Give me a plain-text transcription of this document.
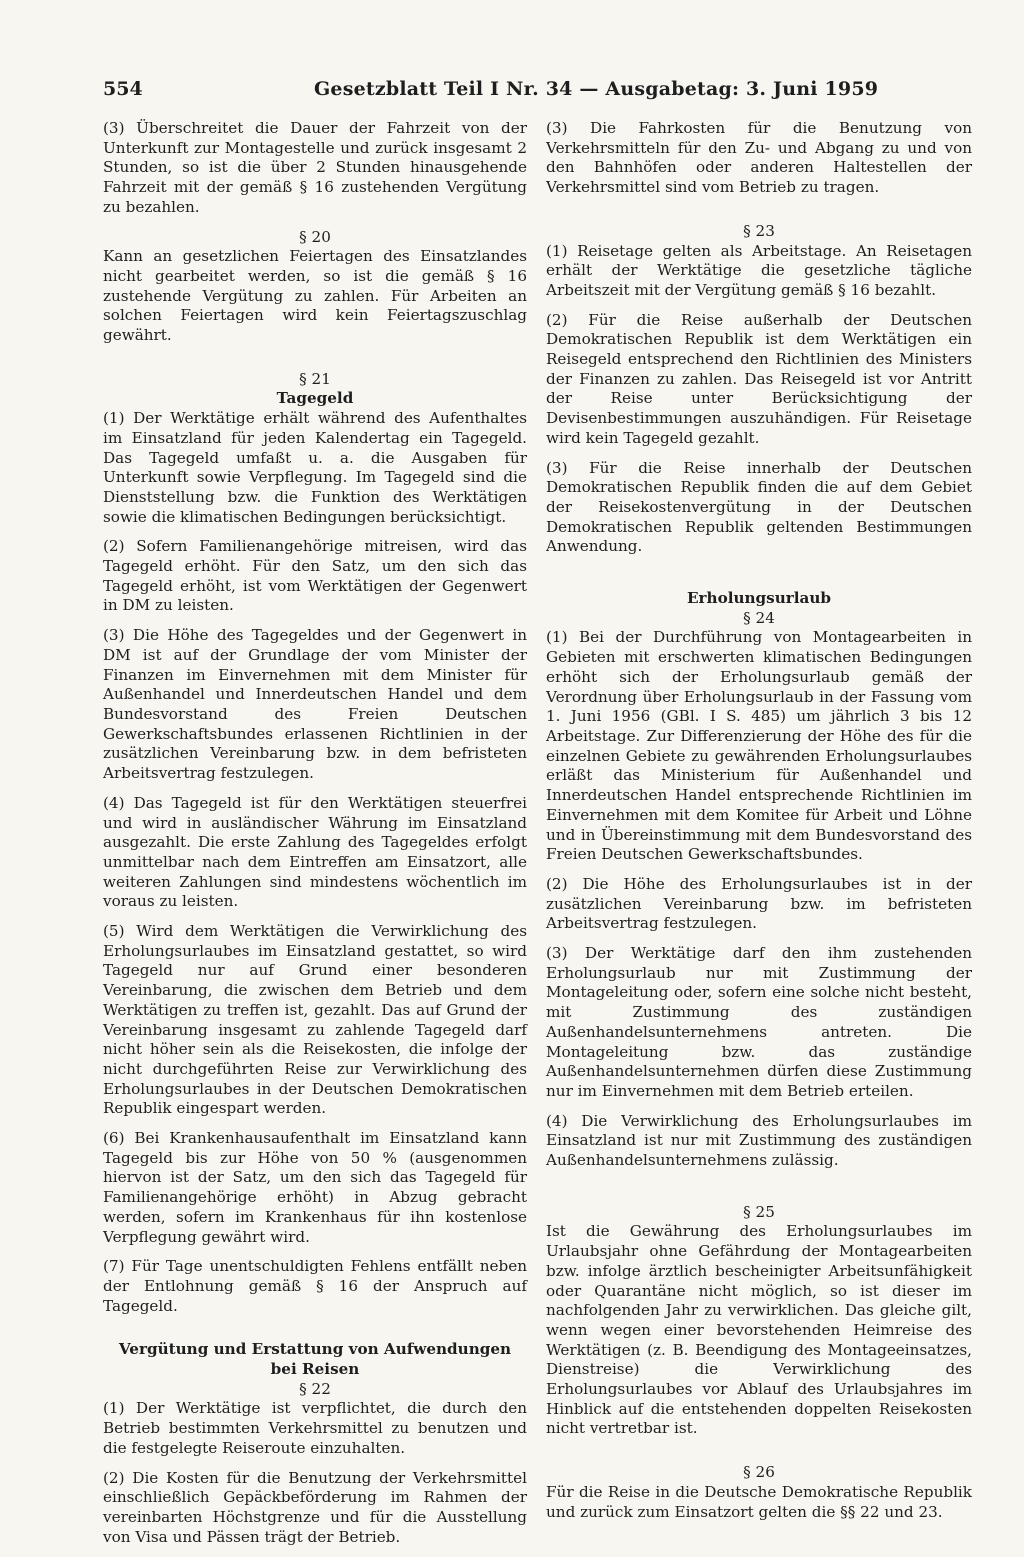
554	Gesetzblatt Teil I Nr. 34 — Ausgabetag: 3. Juni 1959

(3) Überschreitet die Dauer der Fahrzeit von der Unterkunft zur Montagestelle und zurück insgesamt 2 Stunden, so ist die über 2 Stunden hinausgehende Fahrzeit mit der gemäß § 16 zustehenden Vergütung zu bezahlen.

§ 20

Kann an gesetzlichen Feiertagen des Einsatzlandes nicht gearbeitet werden, so ist die gemäß § 16 zustehende Vergütung zu zahlen. Für Arbeiten an solchen Feiertagen wird kein Feiertagszuschlag gewährt.

§ 21

Tagegeld

(1) Der Werktätige erhält während des Aufenthaltes im Einsatzland für jeden Kalendertag ein Tagegeld. Das Tagegeld umfaßt u. a. die Ausgaben für Unterkunft sowie Verpflegung. Im Tagegeld sind die Dienststellung bzw. die Funktion des Werktätigen sowie die klimatischen Bedingungen berücksichtigt.

(2) Sofern Familienangehörige mitreisen, wird das Tagegeld erhöht. Für den Satz, um den sich das Tagegeld erhöht, ist vom Werktätigen der Gegenwert in DM zu leisten.

(3) Die Höhe des Tagegeldes und der Gegenwert in DM ist auf der Grundlage der vom Minister der Finanzen im Einvernehmen mit dem Minister für Außenhandel und Innerdeutschen Handel und dem Bundesvorstand des Freien Deutschen Gewerkschaftsbundes erlassenen Richtlinien in der zusätzlichen Vereinbarung bzw. in dem befristeten Arbeitsvertrag festzulegen.

(4) Das Tagegeld ist für den Werktätigen steuerfrei und wird in ausländischer Währung im Einsatzland ausgezahlt. Die erste Zahlung des Tagegeldes erfolgt unmittelbar nach dem Eintreffen am Einsatzort, alle weiteren Zahlungen sind mindestens wöchentlich im voraus zu leisten.

(5) Wird dem Werktätigen die Verwirklichung des Erholungsurlaubes im Einsatzland gestattet, so wird Tagegeld nur auf Grund einer besonderen Vereinbarung, die zwischen dem Betrieb und dem Werktätigen zu treffen ist, gezahlt. Das auf Grund der Vereinbarung insgesamt zu zahlende Tagegeld darf nicht höher sein als die Reisekosten, die infolge der nicht durchgeführten Reise zur Verwirklichung des Erholungsurlaubes in der Deutschen Demokratischen Republik eingespart werden.

(6) Bei Krankenhausaufenthalt im Einsatzland kann Tagegeld bis zur Höhe von 50 % (ausgenommen hiervon ist der Satz, um den sich das Tagegeld für Familienangehörige erhöht) in Abzug gebracht werden, sofern im Krankenhaus für ihn kostenlose Verpflegung gewährt wird.

(7) Für Tage unentschuldigten Fehlens entfällt neben der Entlohnung gemäß § 16 der Anspruch auf Tagegeld.

Vergütung und Erstattung von Aufwendungen

bei Reisen

§ 22

(1) Der Werktätige ist verpflichtet, die durch den Betrieb bestimmten Verkehrsmittel zu benutzen und die festgelegte Reiseroute einzuhalten.

(2) Die Kosten für die Benutzung der Verkehrsmittel einschließlich Gepäckbeförderung im Rahmen der vereinbarten Höchstgrenze und für die Ausstellung von Visa und Pässen trägt der Betrieb.

(3) Die Fahrkosten für die Benutzung von Verkehrsmitteln für den Zu- und Abgang zu und von den Bahnhöfen oder anderen Haltestellen der Verkehrsmittel sind vom Betrieb zu tragen.

§ 23

(1) Reisetage gelten als Arbeitstage. An Reisetagen erhält der Werktätige die gesetzliche tägliche Arbeitszeit mit der Vergütung gemäß § 16 bezahlt.

(2) Für die Reise außerhalb der Deutschen Demokratischen Republik ist dem Werktätigen ein Reisegeld entsprechend den Richtlinien des Ministers der Finanzen zu zahlen. Das Reisegeld ist vor Antritt der Reise unter Berücksichtigung der Devisenbestimmungen auszuhändigen. Für Reisetage wird kein Tagegeld gezahlt.

(3) Für die Reise innerhalb der Deutschen Demokratischen Republik finden die auf dem Gebiet der Reisekostenvergütung in der Deutschen Demokratischen Republik geltenden Bestimmungen Anwendung.

Erholungsurlaub

§ 24

(1) Bei der Durchführung von Montagearbeiten in Gebieten mit erschwerten klimatischen Bedingungen erhöht sich der Erholungsurlaub gemäß der Verordnung über Erholungsurlaub in der Fassung vom 1. Juni 1956 (GBl. I S. 485) um jährlich 3 bis 12 Arbeitstage. Zur Differenzierung der Höhe des für die einzelnen Gebiete zu gewährenden Erholungsurlaubes erläßt das Ministerium für Außenhandel und Innerdeutschen Handel entsprechende Richtlinien im Einvernehmen mit dem Komitee für Arbeit und Löhne und in Übereinstimmung mit dem Bundesvorstand des Freien Deutschen Gewerkschaftsbundes.

(2) Die Höhe des Erholungsurlaubes ist in der zusätzlichen Vereinbarung bzw. im befristeten Arbeitsvertrag festzulegen.

(3) Der Werktätige darf den ihm zustehenden Erholungsurlaub nur mit Zustimmung der Montageleitung oder, sofern eine solche nicht besteht, mit Zustimmung des zuständigen Außenhandelsunternehmens antreten. Die Montageleitung bzw. das zuständige Außenhandelsunternehmen dürfen diese Zustimmung nur im Einvernehmen mit dem Betrieb erteilen.

(4) Die Verwirklichung des Erholungsurlaubes im Einsatzland ist nur mit Zustimmung des zuständigen Außenhandelsunternehmens zulässig.

§ 25

Ist die Gewährung des Erholungsurlaubes im Urlaubsjahr ohne Gefährdung der Montagearbeiten bzw. infolge ärztlich bescheinigter Arbeitsunfähigkeit oder Quarantäne nicht möglich, so ist dieser im nachfolgenden Jahr zu verwirklichen. Das gleiche gilt, wenn wegen einer bevorstehenden Heimreise des Werktätigen (z. B. Beendigung des Montageeinsatzes, Dienstreise) die Verwirklichung des Erholungsurlaubes vor Ablauf des Urlaubsjahres im Hinblick auf die entstehenden doppelten Reisekosten nicht vertretbar ist.

§ 26

Für die Reise in die Deutsche Demokratische Republik und zurück zum Einsatzort gelten die §§ 22 und 23.
